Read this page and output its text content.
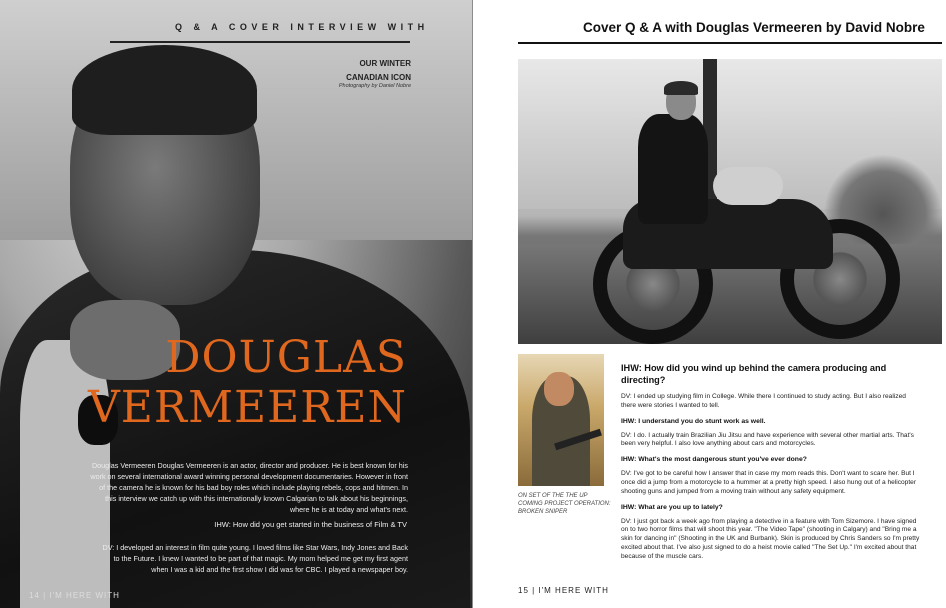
Q & A COVER INTERVIEW WITH
OUR WINTER
CANADIAN ICON
Photography by Daniel Nobre
DOUGLAS
VERMEEREN
Douglas Vermeeren Douglas Vermeeren is an actor, director and producer. He is best known for his work on several international award winning personal development documentaries. However in front of the camera he is known for his bad boy roles which include playing rebels, cops and hitmen. In this interview we catch up with this internationally known Calgarian to talk about his beginnings, where he is at today and what's next.
IHW: How did you get started in the business of Film & TV
DV: I developed an interest in film quite young. I loved films like Star Wars, Indy Jones and Back to the Future. I knew I wanted to be part of that magic. My mom helped me get my first agent when I was a kid and the first show I did was for CBC. I played a newspaper boy.
14 | I'M HERE WITH
Cover Q & A with Douglas Vermeeren by David Nobre
ON SET OF THE THE UP COMING PROJECT OPERATION: BROKEN SNIPER
IHW: How did you wind up behind the camera producing and directing?
DV: I ended up studying film in College. While there I continued to study acting. But I also realized there were stories I wanted to tell.
IHW: I understand you do stunt work as well.
DV: I do. I actually train Brazilian Jiu Jitsu and have experience with several other martial arts. That's been very helpful. I also love anything about cars and motorcycles.
IHW: What's the most dangerous stunt you've ever done?
DV: I've got to be careful how I answer that in case my mom reads this. Don't want to scare her. But I once did a jump from a motorcycle to a hummer at a pretty high speed. I also hung out of a helicopter shooting guns and jumped from a moving train without any safety equipment.
IHW: What are you up to lately?
DV: I just got back a week ago from playing a detective in a feature with Tom Sizemore. I have signed on to two horror films that will shoot this year. "The Video Tape" (shooting in Calgary) and "Bring me a skin for dancing in" (Shooting in the UK and Burbank). Skin is produced by Chris Sanders so I'm pretty excited about that. I've also just signed to do a heist movie called "The Set Up." I'm excited about that because of the muscle cars.
15 | I'M HERE WITH
